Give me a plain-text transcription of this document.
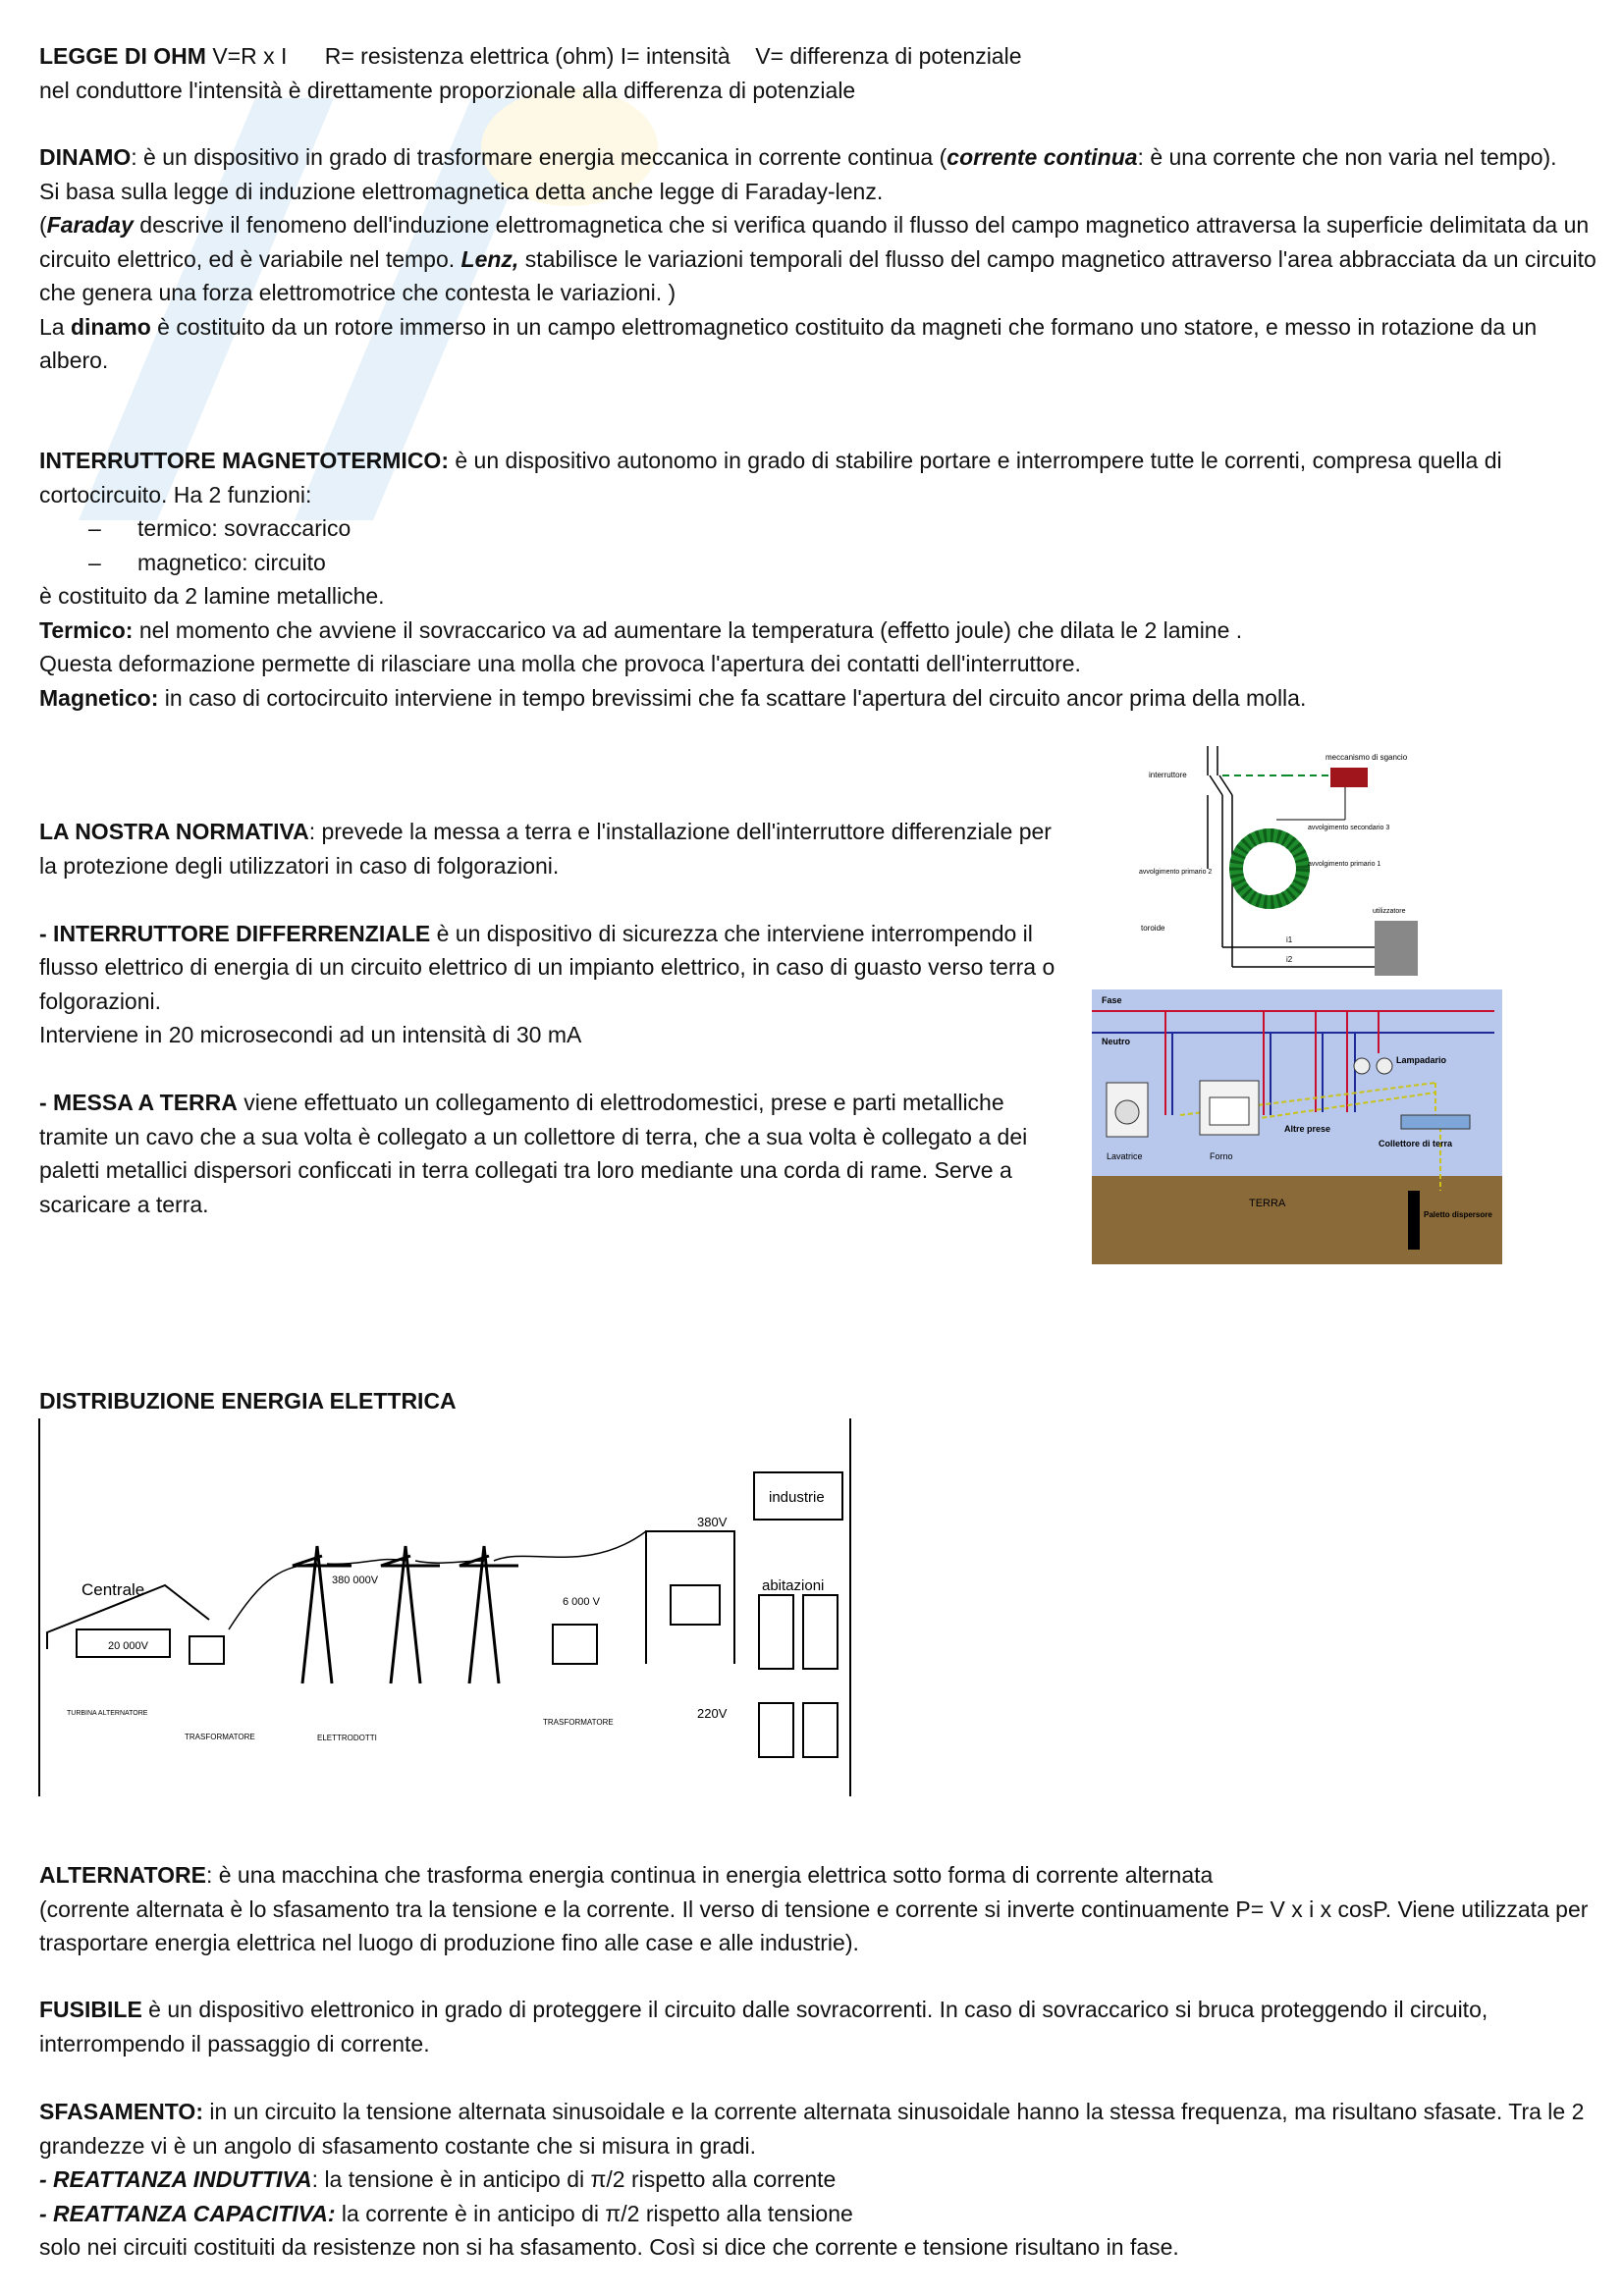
LEGGE DI OHM V=R x I      R= resistenza elettrica (ohm) I= intensità    V= differenza di potenziale

nel conduttore l'intensità è direttamente proporzionale alla differenza di potenziale

DINAMO: è un dispositivo in grado di trasformare energia meccanica in corrente continua (corrente continua: è una corrente che non varia nel tempo).

Si basa sulla legge di induzione elettromagnetica detta anche legge di Faraday-lenz.

(Faraday descrive il fenomeno dell'induzione elettromagnetica che si verifica quando il flusso del campo magnetico attraversa la superficie delimitata da un circuito elettrico, ed è variabile nel tempo. Lenz, stabilisce le variazioni temporali del flusso del campo magnetico attraverso l'area abbracciata da un circuito che genera una forza elettromotrice che contesta le variazioni. )

La dinamo è costituito da un rotore immerso in un campo elettromagnetico costituito da magneti che formano uno statore, e messo in rotazione da un albero.

INTERRUTTORE MAGNETOTERMICO: è un dispositivo autonomo in grado di stabilire portare e interrompere tutte le correnti, compresa quella di cortocircuito. Ha 2 funzioni:

– termico: sovraccarico

– magnetico: circuito

è costituito da 2 lamine metalliche.

Termico: nel momento che avviene il sovraccarico va ad aumentare la temperatura (effetto joule) che dilata le 2 lamine .

Questa deformazione permette di rilasciare una molla che provoca l'apertura dei contatti dell'interruttore.

Magnetico: in caso di cortocircuito interviene in tempo brevissimi che fa scattare l'apertura del circuito ancor prima della molla.

LA NOSTRA NORMATIVA: prevede la messa a terra e l'installazione dell'interruttore differenziale per la protezione degli utilizzatori in caso di folgorazioni.

- INTERRUTTORE DIFFERRENZIALE è un dispositivo di sicurezza che interviene interrompendo il flusso elettrico di energia di un circuito elettrico di un impianto elettrico, in caso di guasto verso terra o folgorazioni.

Interviene in 20 microsecondi ad un intensità di 30 mA

- MESSA A TERRA viene effettuato un collegamento di elettrodomestici, prese e parti metalliche tramite un cavo che a sua volta è collegato a un collettore di terra, che a sua volta è collegato a dei paletti metallici dispersori conficcati in terra collegati tra loro mediante una corda di rame. Serve a scaricare a terra.

interruttore
meccanismo di sgancio
avvolgimento secondario 3
avvolgimento primario 1
avvolgimento primario 2
utilizzatore
toroide
i1
i2
Fase
Neutro
Lampadario
Altre prese
Collettore di terra
Lavatrice	Forno
TERRA
Paletto dispersore

DISTRIBUZIONE ENERGIA ELETTRICA

Centrale
20 000V
TURBINA ALTERNATORE
TRASFORMATORE	ELETTRODOTTI
380 000V
6 000 V
TRASFORMATORE
380V
industrie
abitazioni
220V

ALTERNATORE: è una macchina che trasforma energia continua in energia elettrica sotto forma di corrente alternata

(corrente alternata è lo sfasamento tra la tensione e la corrente. Il verso di tensione e corrente si inverte continuamente P= V x i x cosP. Viene utilizzata per trasportare energia elettrica nel luogo di produzione fino alle case e alle industrie).

FUSIBILE è un dispositivo elettronico in grado di proteggere il circuito dalle sovracorrenti. In caso di sovraccarico si bruca proteggendo il circuito, interrompendo il passaggio di corrente.

SFASAMENTO: in un circuito la tensione alternata sinusoidale e la corrente alternata sinusoidale hanno la stessa frequenza, ma risultano sfasate. Tra le 2 grandezze vi è un angolo di sfasamento costante che si misura in gradi.

- REATTANZA INDUTTIVA: la tensione è in anticipo di π/2 rispetto alla corrente

- REATTANZA CAPACITIVA: la corrente è in anticipo di π/2 rispetto alla tensione

solo nei circuiti costituiti da resistenze non si ha sfasamento. Così si dice che corrente e tensione risultano in fase.
